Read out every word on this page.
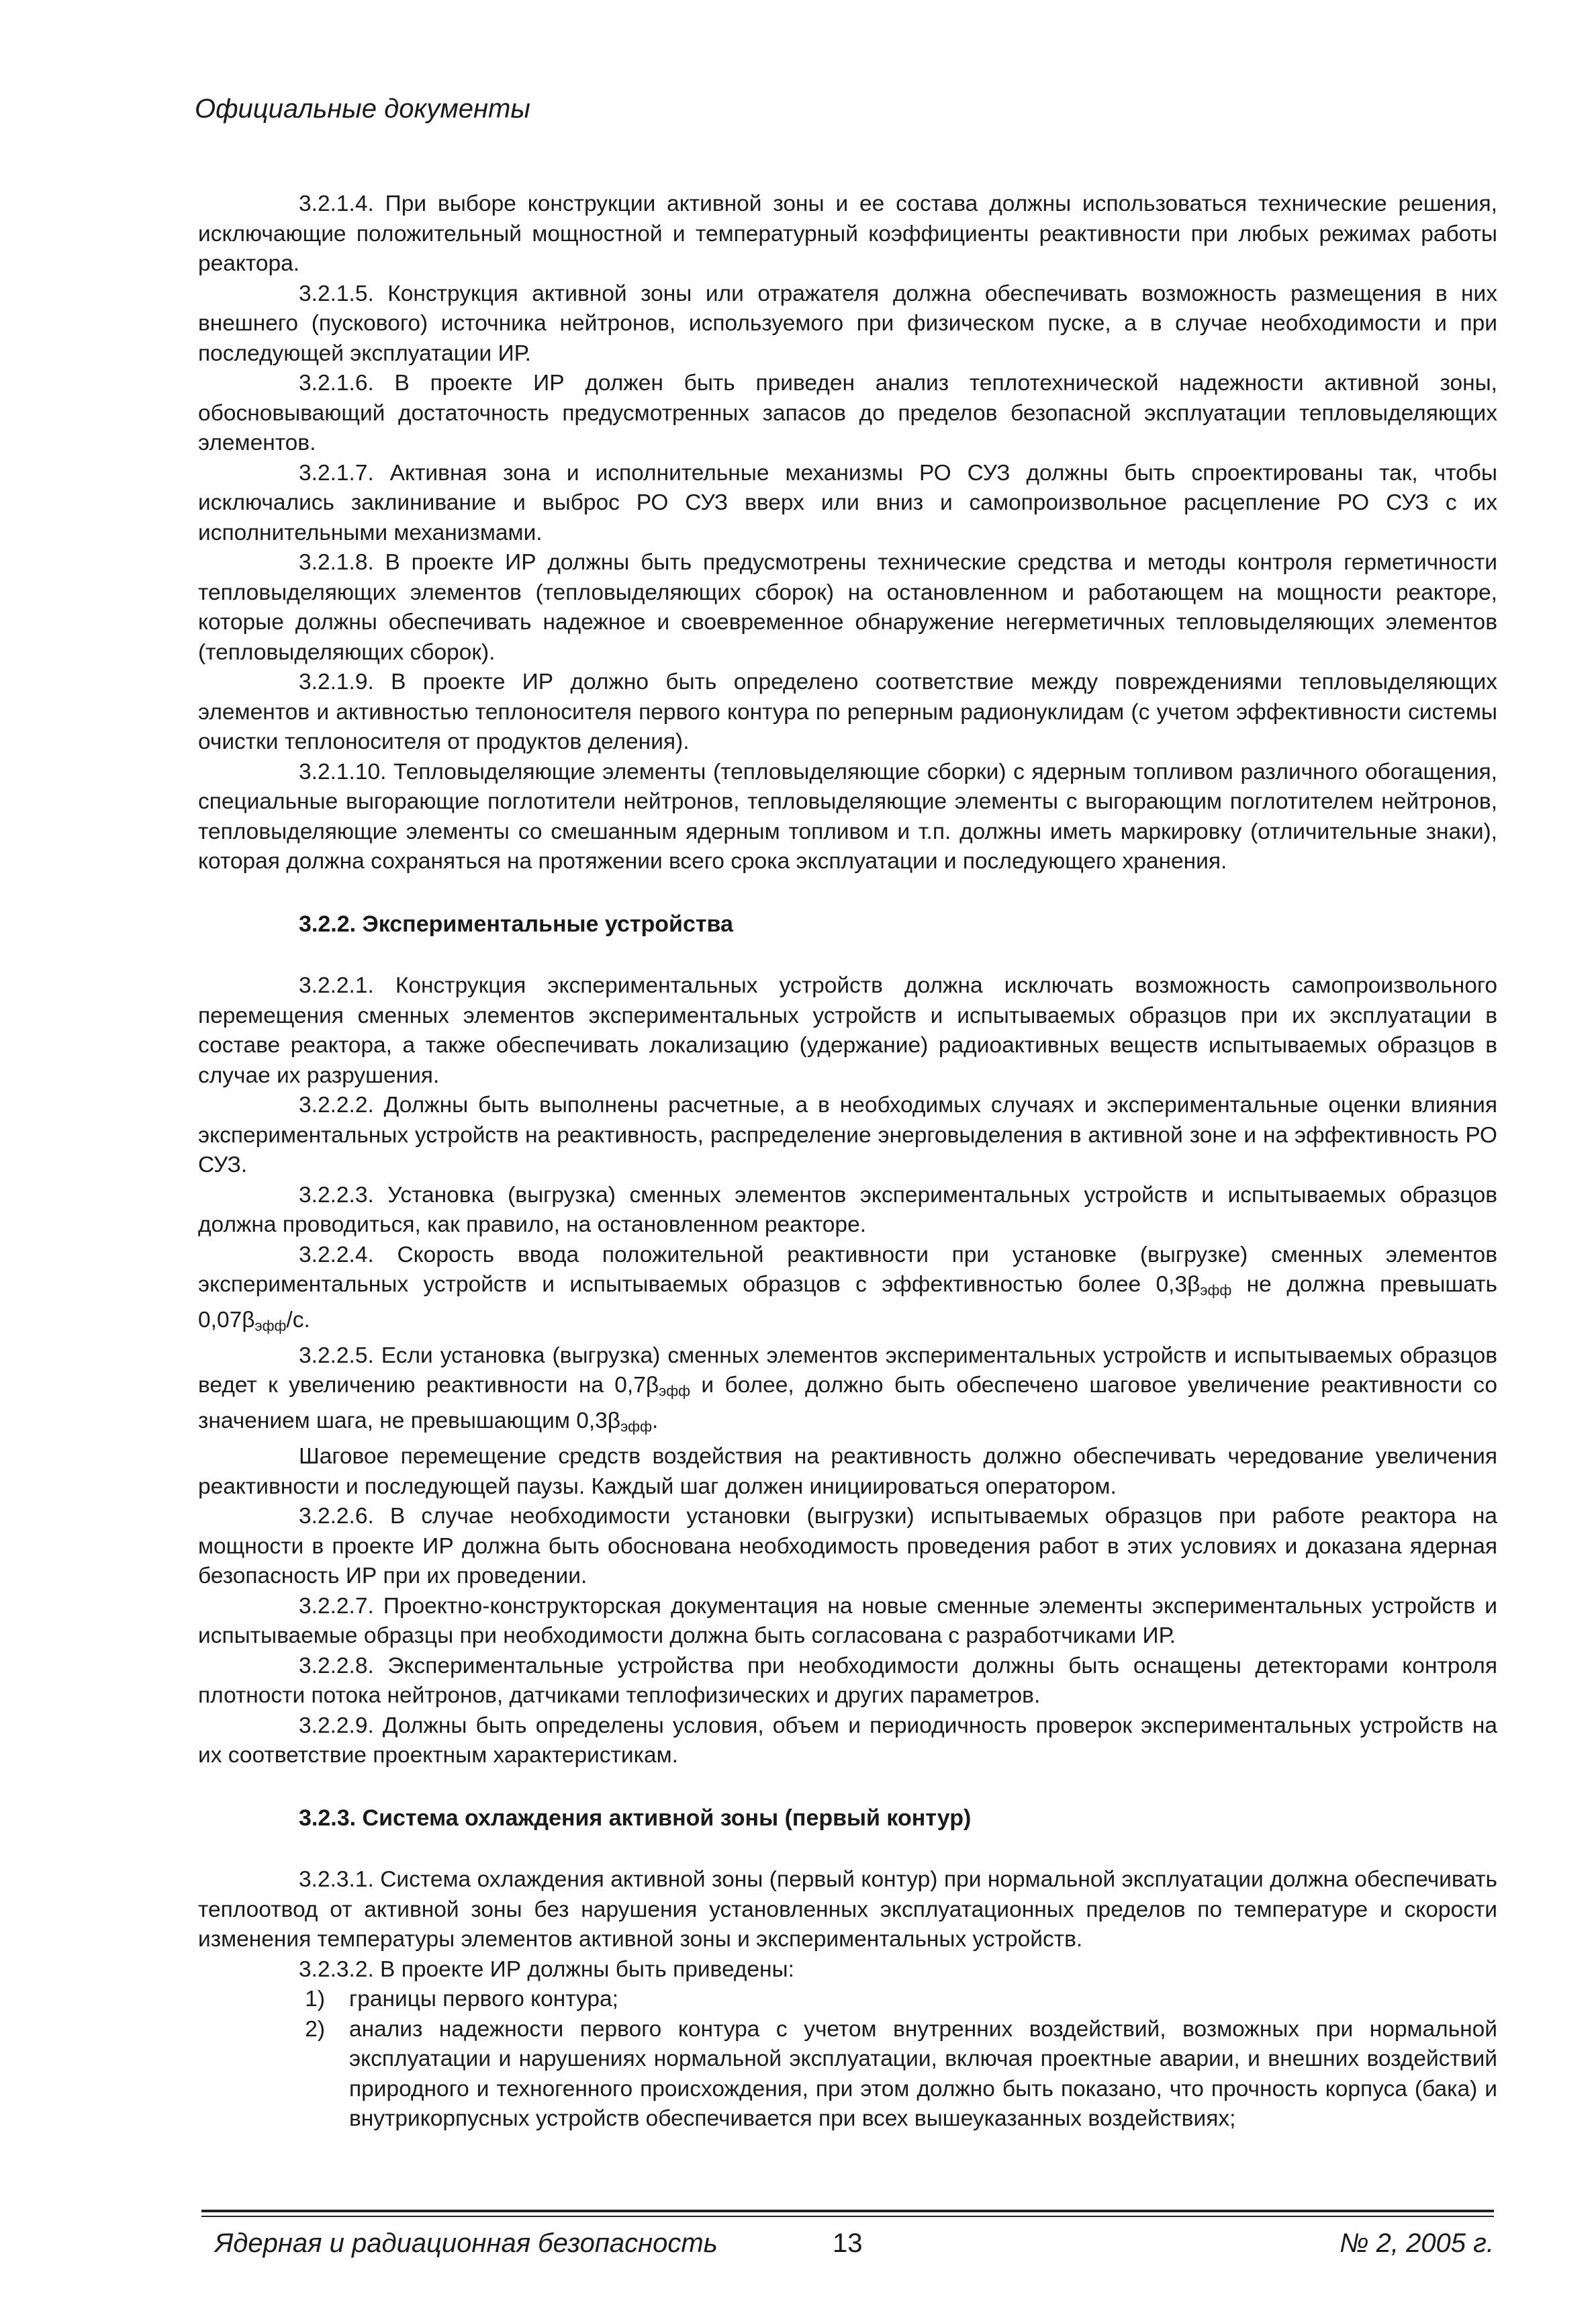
Официальные документы

3.2.1.4. При выборе конструкции активной зоны и ее состава должны использоваться технические решения, исключающие положительный мощностной и температурный коэффициенты реактивности при любых режимах работы реактора.

3.2.1.5. Конструкция активной зоны или отражателя должна обеспечивать возможность размещения в них внешнего (пускового) источника нейтронов, используемого при физическом пуске, а в случае необходимости и при последующей эксплуатации ИР.

3.2.1.6. В проекте ИР должен быть приведен анализ теплотехнической надежности активной зоны, обосновывающий достаточность предусмотренных запасов до пределов безопасной эксплуатации тепловыделяющих элементов.

3.2.1.7. Активная зона и исполнительные механизмы РО СУЗ должны быть спроектированы так, чтобы исключались заклинивание и выброс РО СУЗ вверх или вниз и самопроизвольное расцепление РО СУЗ с их исполнительными механизмами.

3.2.1.8. В проекте ИР должны быть предусмотрены технические средства и методы контроля герметичности тепловыделяющих элементов (тепловыделяющих сборок) на остановленном и работающем на мощности реакторе, которые должны обеспечивать надежное и своевременное обнаружение негерметичных тепловыделяющих элементов (тепловыделяющих сборок).

3.2.1.9. В проекте ИР должно быть определено соответствие между повреждениями тепловыделяющих элементов и активностью теплоносителя первого контура по реперным радионуклидам (с учетом эффективности системы очистки теплоносителя от продуктов деления).

3.2.1.10. Тепловыделяющие элементы (тепловыделяющие сборки) с ядерным топливом различного обогащения, специальные выгорающие поглотители нейтронов, тепловыделяющие элементы с выгорающим поглотителем нейтронов, тепловыделяющие элементы со смешанным ядерным топливом и т.п. должны иметь маркировку (отличительные знаки), которая должна сохраняться на протяжении всего срока эксплуатации и последующего хранения.

3.2.2. Экспериментальные устройства

3.2.2.1. Конструкция экспериментальных устройств должна исключать возможность самопроизвольного перемещения сменных элементов экспериментальных устройств и испытываемых образцов при их эксплуатации в составе реактора, а также обеспечивать локализацию (удержание) радиоактивных веществ испытываемых образцов в случае их разрушения.

3.2.2.2. Должны быть выполнены расчетные, а в необходимых случаях и экспериментальные оценки влияния экспериментальных устройств на реактивность, распределение энерговыделения в активной зоне и на эффективность РО СУЗ.

3.2.2.3. Установка (выгрузка) сменных элементов экспериментальных устройств и испытываемых образцов должна проводиться, как правило, на остановленном реакторе.

3.2.2.4. Скорость ввода положительной реактивности при установке (выгрузке) сменных элементов экспериментальных устройств и испытываемых образцов с эффективностью более $0,3\beta_{эфф}$ не должна превышать $0,07\beta_{эфф}/с$.

3.2.2.5. Если установка (выгрузка) сменных элементов экспериментальных устройств и испытываемых образцов ведет к увеличению реактивности на $0,7\beta_{эфф}$ и более, должно быть обеспечено шаговое увеличение реактивности со значением шага, не превышающим $0,3\beta_{эфф}$.

Шаговое перемещение средств воздействия на реактивность должно обеспечивать чередование увеличения реактивности и последующей паузы. Каждый шаг должен инициироваться оператором.

3.2.2.6. В случае необходимости установки (выгрузки) испытываемых образцов при работе реактора на мощности в проекте ИР должна быть обоснована необходимость проведения работ в этих условиях и доказана ядерная безопасность ИР при их проведении.

3.2.2.7. Проектно-конструкторская документация на новые сменные элементы экспериментальных устройств и испытываемые образцы при необходимости должна быть согласована с разработчиками ИР.

3.2.2.8. Экспериментальные устройства при необходимости должны быть оснащены детекторами контроля плотности потока нейтронов, датчиками теплофизических и других параметров.

3.2.2.9. Должны быть определены условия, объем и периодичность проверок экспериментальных устройств на их соответствие проектным характеристикам.

3.2.3. Система охлаждения активной зоны (первый контур)

3.2.3.1. Система охлаждения активной зоны (первый контур) при нормальной эксплуатации должна обеспечивать теплоотвод от активной зоны без нарушения установленных эксплуатационных пределов по температуре и скорости изменения температуры элементов активной зоны и экспериментальных устройств.

3.2.3.2. В проекте ИР должны быть приведены:

1)	границы первого контура;
2)	анализ надежности первого контура с учетом внутренних воздействий, возможных при нормальной эксплуатации и нарушениях нормальной эксплуатации, включая проектные аварии, и внешних воздействий природного и техногенного происхождения, при этом должно быть показано, что прочность корпуса (бака) и внутрикорпусных устройств обеспечивается при всех вышеуказанных воздействиях;
Ядерная и радиационная безопасность	13	№ 2, 2005 г.
